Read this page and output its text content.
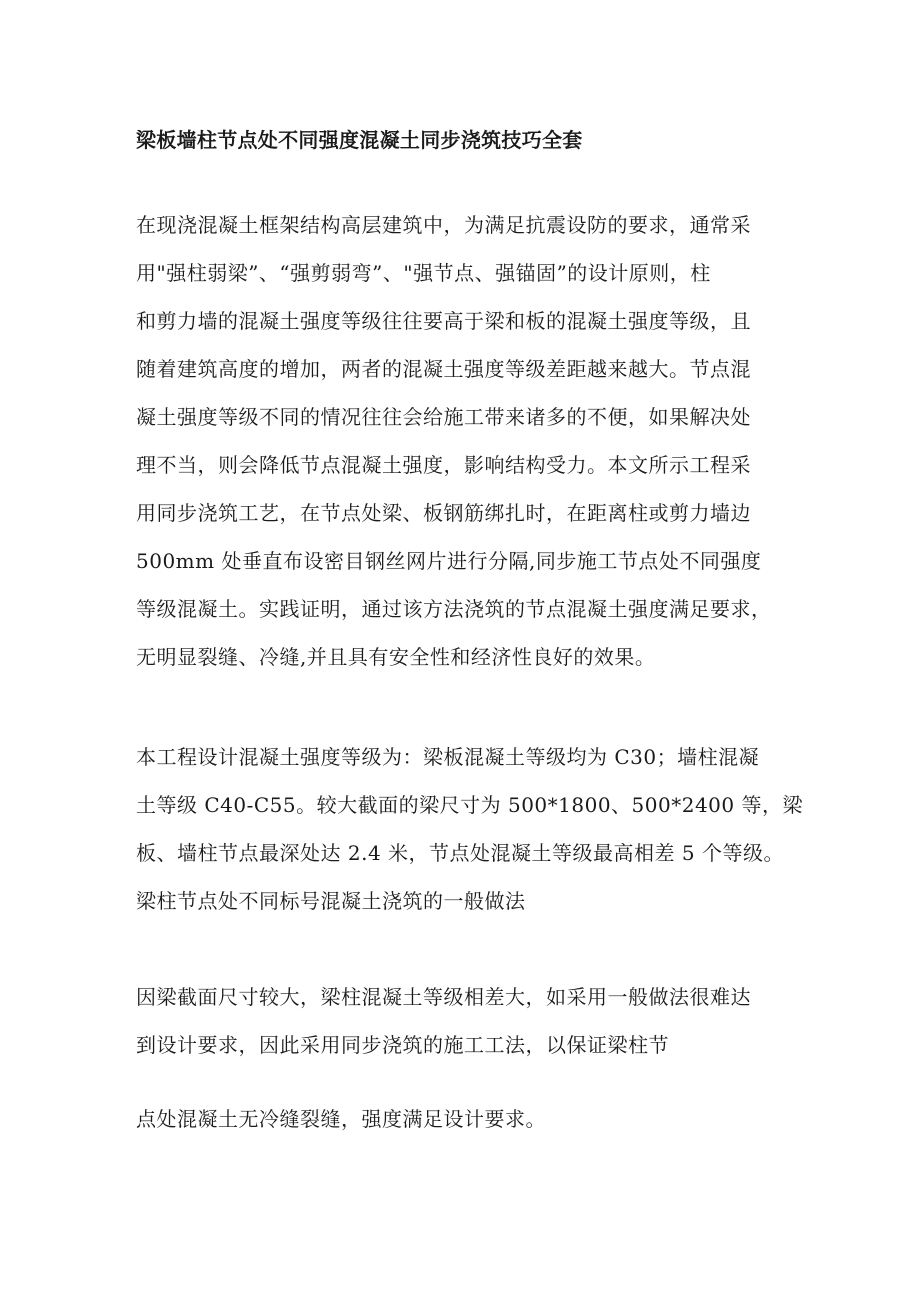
梁板墙柱节点处不同强度混凝土同步浇筑技巧全套

在现浇混凝土框架结构高层建筑中，为满足抗震设防的要求，通常采
用"强柱弱梁”、“强剪弱弯”、"强节点、强锚固”的设计原则，柱
和剪力墙的混凝土强度等级往往要高于梁和板的混凝土强度等级，且
随着建筑高度的增加，两者的混凝土强度等级差距越来越大。节点混
凝土强度等级不同的情况往往会给施工带来诸多的不便，如果解决处
理不当，则会降低节点混凝土强度，影响结构受力。本文所示工程采
用同步浇筑工艺，在节点处梁、板钢筋绑扎时，在距离柱或剪力墙边
500mm 处垂直布设密目钢丝网片进行分隔,同步施工节点处不同强度
等级混凝土。实践证明，通过该方法浇筑的节点混凝土强度满足要求，
无明显裂缝、冷缝,并且具有安全性和经济性良好的效果。

本工程设计混凝土强度等级为：梁板混凝土等级均为 C30；墙柱混凝
土等级 C40-C55。较大截面的梁尺寸为 500*1800、500*2400 等，梁
板、墙柱节点最深处达 2.4 米，节点处混凝土等级最高相差 5 个等级。
梁柱节点处不同标号混凝土浇筑的一般做法

因梁截面尺寸较大，梁柱混凝土等级相差大，如采用一般做法很难达
到设计要求，因此采用同步浇筑的施工工法，以保证梁柱节

点处混凝土无冷缝裂缝，强度满足设计要求。
